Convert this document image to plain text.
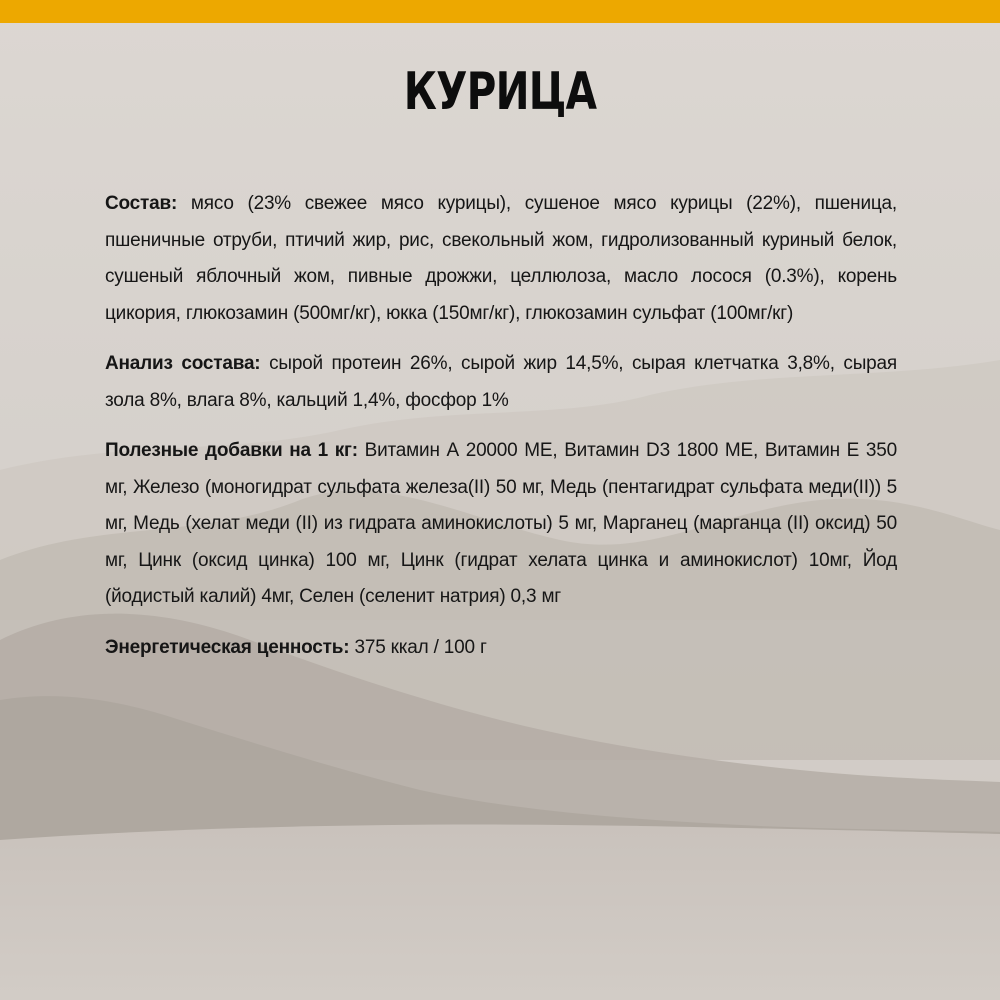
КУРИЦА

Состав: мясо (23% свежее мясо курицы), сушеное мясо курицы (22%), пшеница, пшеничные отруби, птичий жир, рис, свекольный жом, гидролизованный куриный белок, сушеный яблочный жом, пивные дрожжи, целлюлоза, масло лосося (0.3%), корень цикория, глюкозамин (500мг/кг), юкка (150мг/кг), глюкозамин сульфат (100мг/кг)

Анализ состава: сырой протеин 26%, сырой жир 14,5%, сырая клетчатка 3,8%, сырая зола 8%, влага 8%, кальций 1,4%, фосфор 1%

Полезные добавки на 1 кг: Витамин А 20000 МЕ, Витамин D3 1800 МЕ, Витамин Е 350 мг, Железо (моногидрат сульфата железа(II) 50 мг, Медь (пентагидрат сульфата меди(II)) 5 мг, Медь (хелат меди (II) из гидрата аминокислоты) 5 мг, Марганец (марганца (II) оксид) 50 мг, Цинк (оксид цинка) 100 мг, Цинк (гидрат хелата цинка и аминокислот) 10мг, Йод (йодистый калий) 4мг, Селен (селенит натрия) 0,3 мг

Энергетическая ценность: 375 ккал / 100 г
